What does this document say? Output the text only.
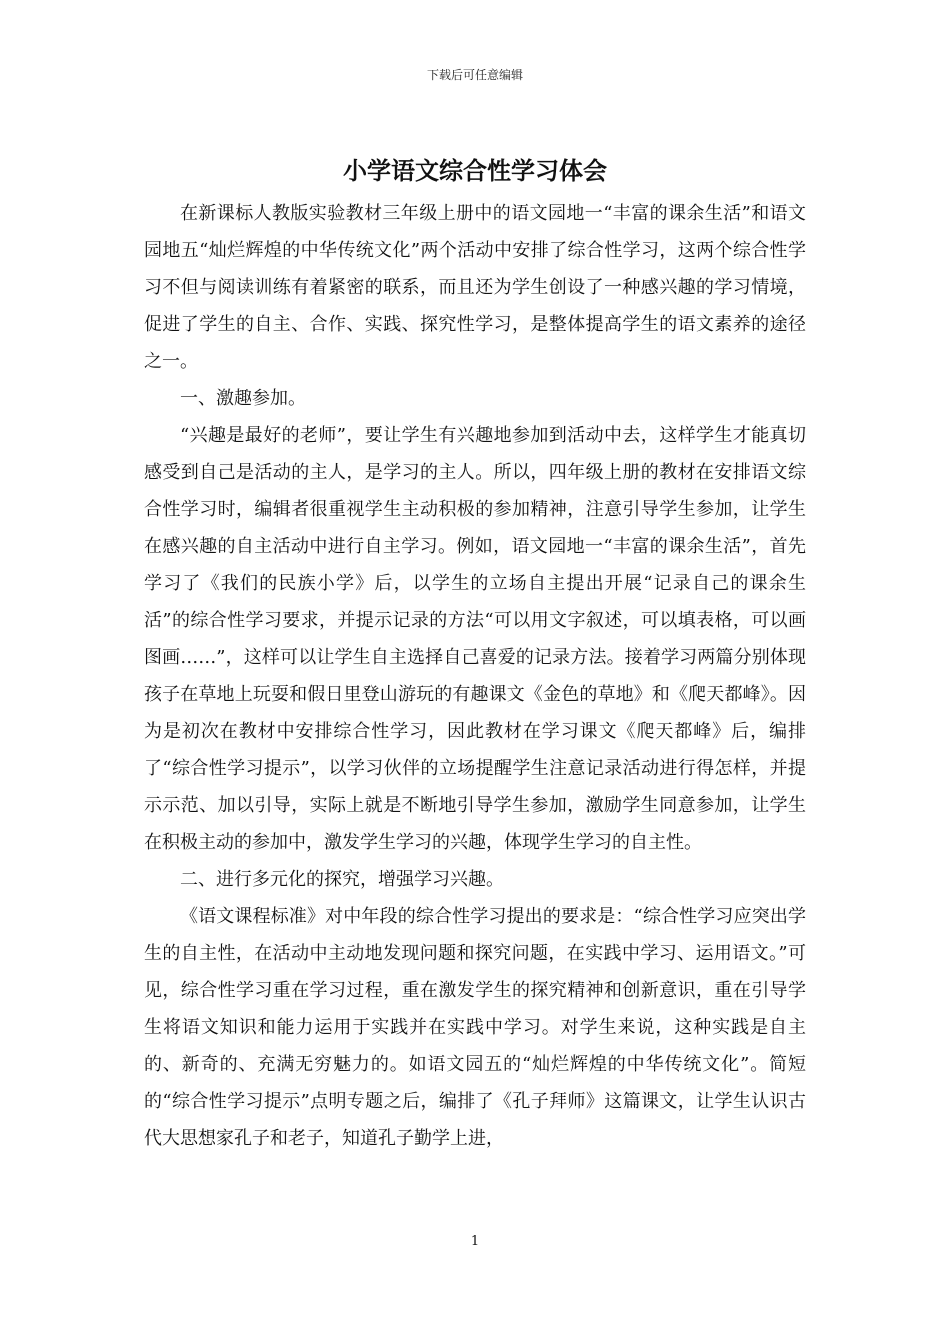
下载后可任意编辑
小学语文综合性学习体会

在新课标人教版实验教材三年级上册中的语文园地一“丰富的课余生活”和语文园地五“灿烂辉煌的中华传统文化”两个活动中安排了综合性学习，这两个综合性学习不但与阅读训练有着紧密的联系，而且还为学生创设了一种感兴趣的学习情境，促进了学生的自主、合作、实践、探究性学习，是整体提高学生的语文素养的途径之一。

一、激趣参加。

“兴趣是最好的老师”，要让学生有兴趣地参加到活动中去，这样学生才能真切感受到自己是活动的主人，是学习的主人。所以，四年级上册的教材在安排语文综合性学习时，编辑者很重视学生主动积极的参加精神，注意引导学生参加，让学生在感兴趣的自主活动中进行自主学习。例如，语文园地一“丰富的课余生活”，首先学习了《我们的民族小学》后，以学生的立场自主提出开展“记录自己的课余生活”的综合性学习要求，并提示记录的方法“可以用文字叙述，可以填表格，可以画图画……”，这样可以让学生自主选择自己喜爱的记录方法。接着学习两篇分别体现孩子在草地上玩耍和假日里登山游玩的有趣课文《金色的草地》和《爬天都峰》。因为是初次在教材中安排综合性学习，因此教材在学习课文《爬天都峰》后，编排了“综合性学习提示”，以学习伙伴的立场提醒学生注意记录活动进行得怎样，并提示示范、加以引导，实际上就是不断地引导学生参加，激励学生同意参加，让学生在积极主动的参加中，激发学生学习的兴趣，体现学生学习的自主性。

二、进行多元化的探究，增强学习兴趣。

《语文课程标准》对中年段的综合性学习提出的要求是：“综合性学习应突出学生的自主性，在活动中主动地发现问题和探究问题，在实践中学习、运用语文。”可见，综合性学习重在学习过程，重在激发学生的探究精神和创新意识，重在引导学生将语文知识和能力运用于实践并在实践中学习。对学生来说，这种实践是自主的、新奇的、充满无穷魅力的。如语文园五的“灿烂辉煌的中华传统文化”。简短的“综合性学习提示”点明专题之后，编排了《孔子拜师》这篇课文，让学生认识古代大思想家孔子和老子，知道孔子勤学上进，

1
